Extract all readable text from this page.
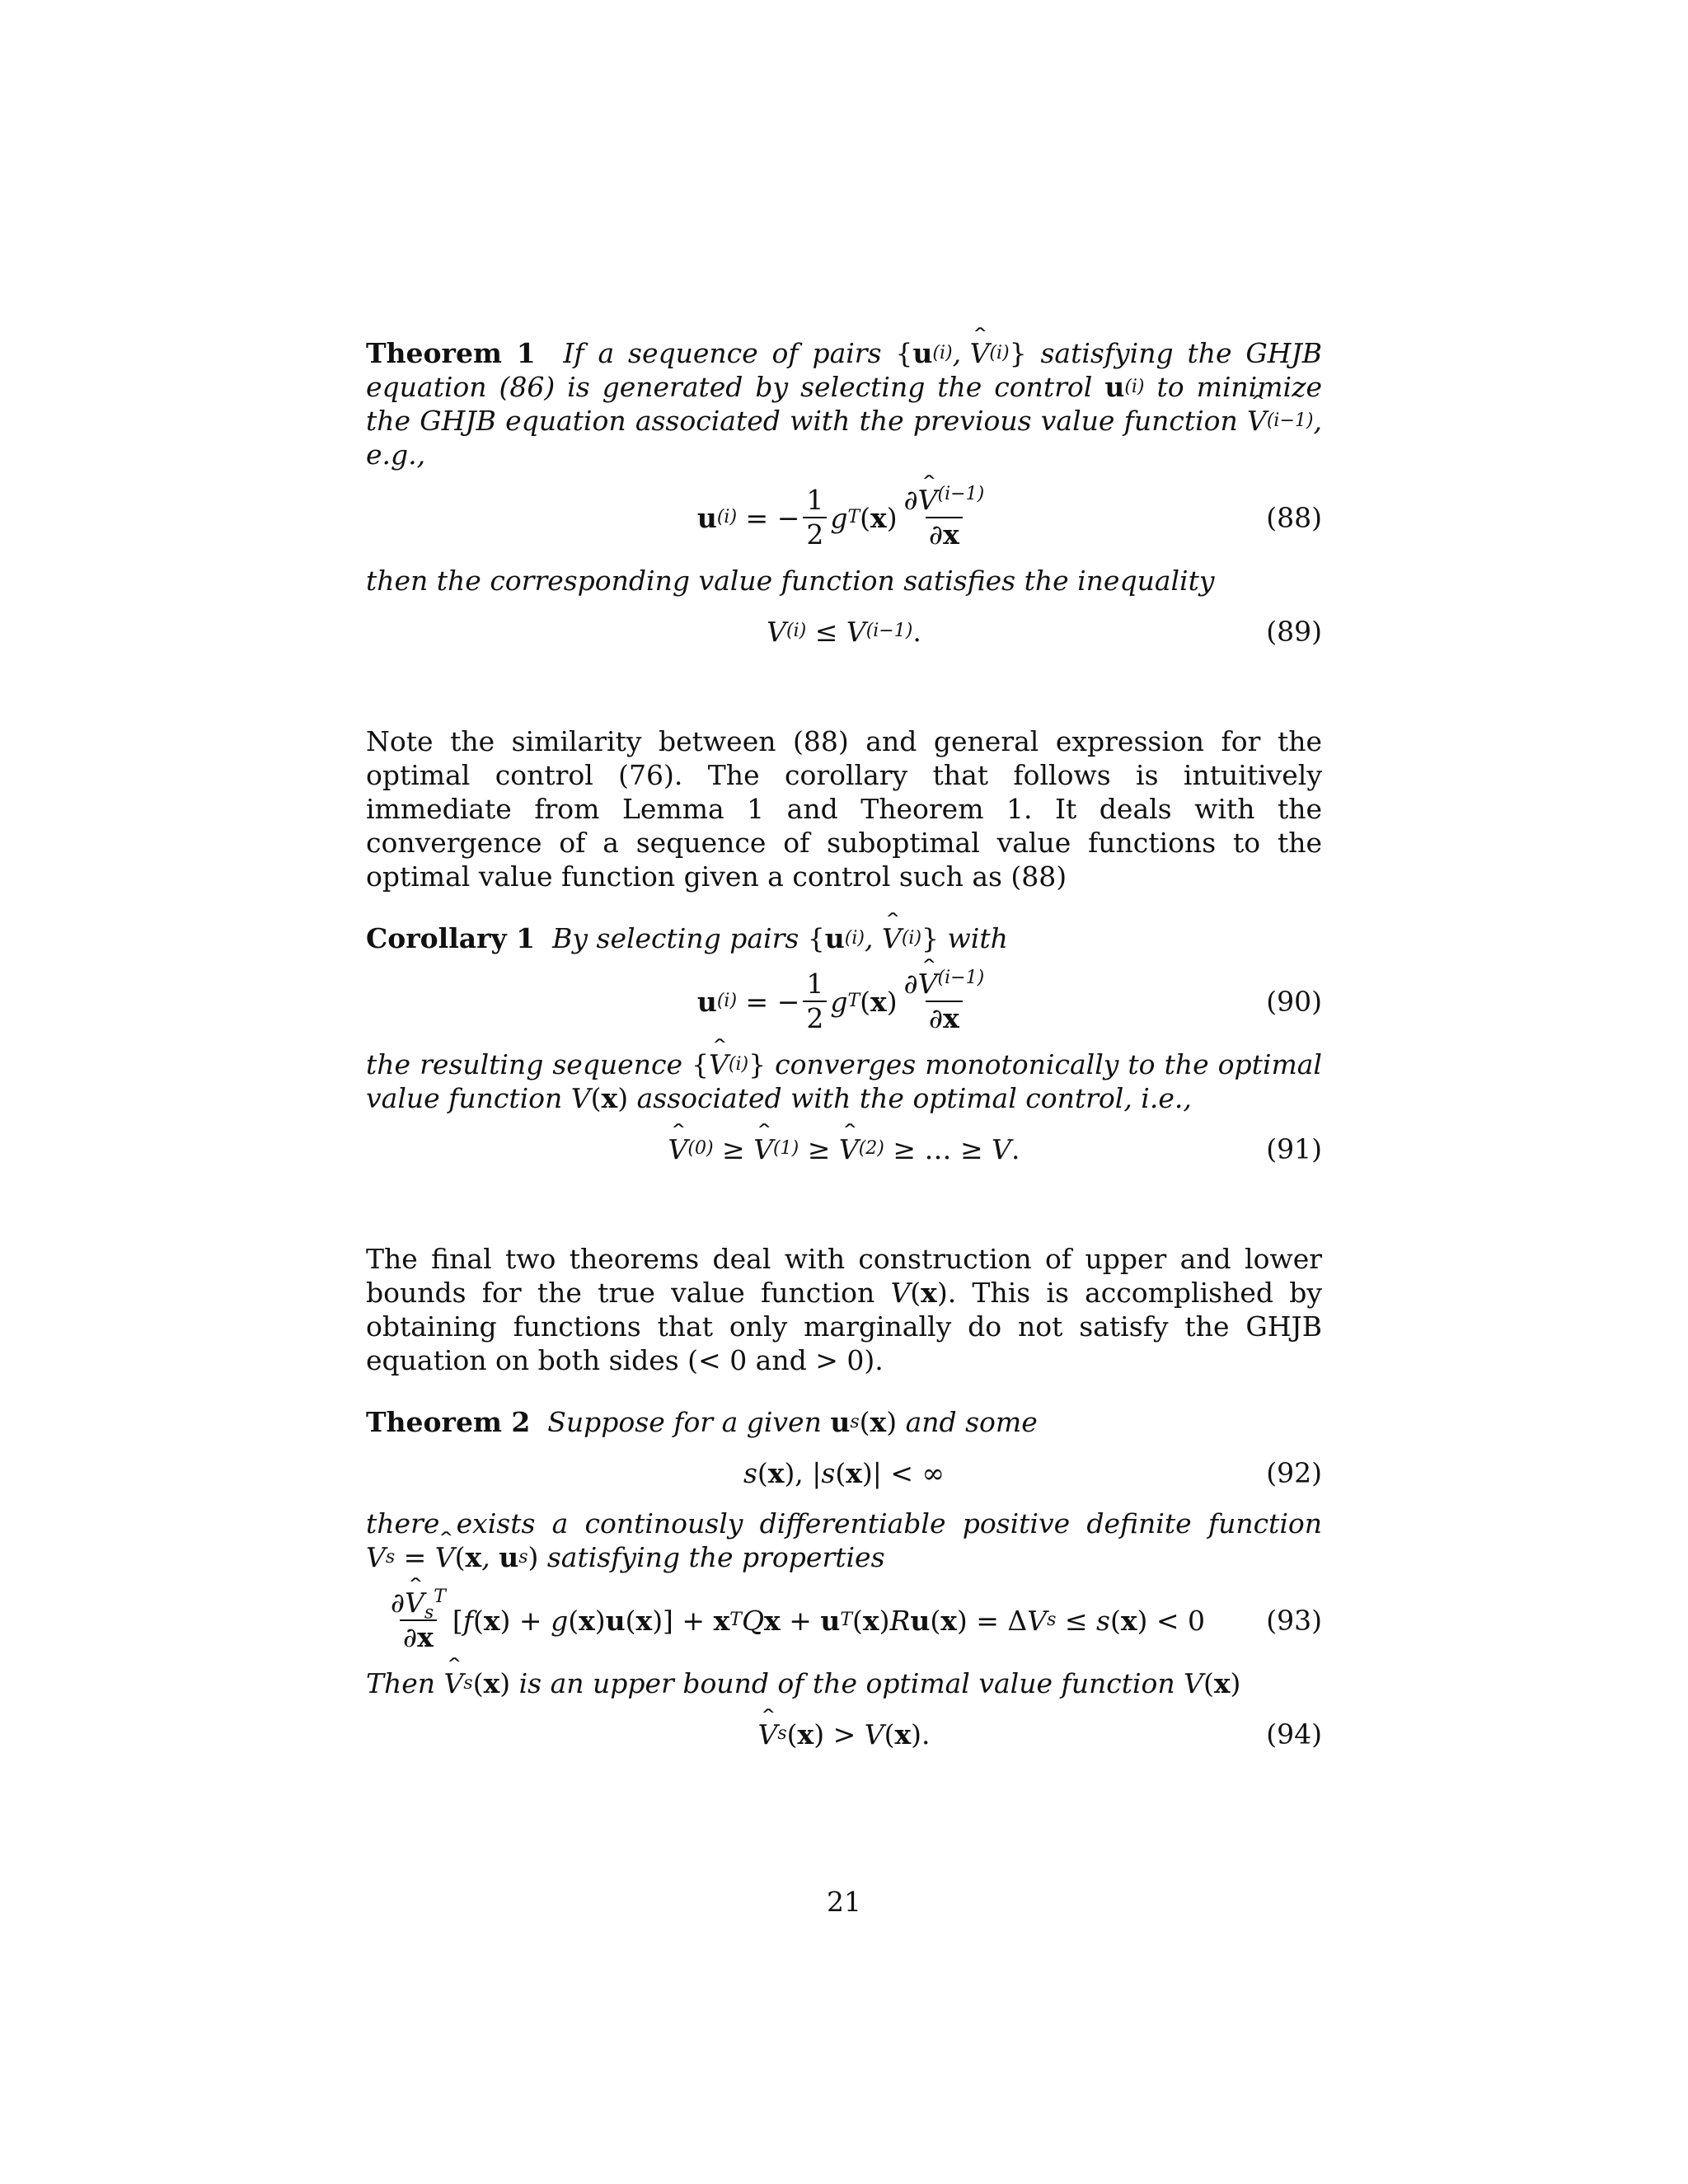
Theorem 1 If a sequence of pairs { u (i) , ˆ V (i) } satisfying the GHJB equation (86) is generated by selecting the control u (i) to minimize the GHJB equation associated with the previous value function ˆ V (i−1) , e.g.,

u (i)
=
− $\frac{1}{2}$ g T ( x ) $\frac{\partial ˆ V^{(i-1)}}{\partial x}$	(88)

then the corresponding value function satisfies the inequality

V (i)
≤ V (i−1) .	(89)

Note the similarity between (88) and general expression for the optimal control (76). The corollary that follows is intuitively immediate from Lemma 1 and Theorem 1. It deals with the convergence of a sequence of suboptimal value functions to the optimal value function given a control such as (88)

Corollary 1 By selecting pairs { u (i) , ˆ V (i) } with

u (i)
=
− $\frac{1}{2}$ g T ( x ) $\frac{\partial ˆ V^{(i-1)}}{\partial x}$	(90)

the resulting sequence { ˆ V (i) } converges monotonically to the optimal value function V ( x ) associated with the optimal control, i.e.,

ˆ V (0)
≥
ˆ V (1)
≥
ˆ V (2)
≥ … ≥ V .	(91)

The final two theorems deal with construction of upper and lower bounds for the true value function V ( x ) . This is accomplished by obtaining functions that only marginally do not satisfy the GHJB equation on both sides (< 0 and > 0).

Theorem 2 Suppose for a given u s ( x ) and some

s ( x ), | s ( x )| < ∞	(92)

there exists a continously differentiable positive definite function V s
=
ˆ V ( x , u s ) satisfying the properties

$\frac{\partial ˆ V_s^T}{\partial x}$ [ f ( x ) + g ( x ) u ( x )] + x T Q x + u T ( x ) R u ( x ) = Δ V s ≤ s ( x ) < 0 (93)

Then ˆ V s ( x ) is an upper bound of the optimal value function V ( x )

ˆ V s ( x ) > V ( x ).	(94)
21
